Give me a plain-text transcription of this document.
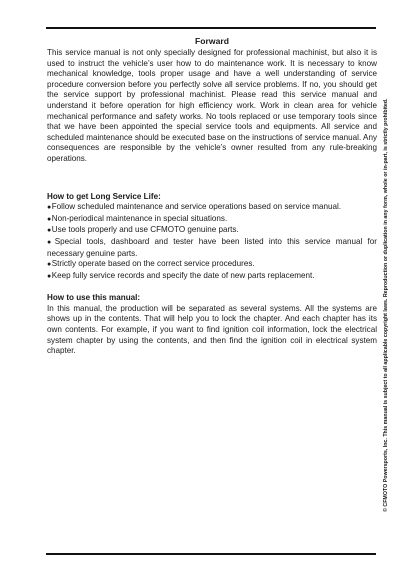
Forward

This service manual is not only specially designed for professional machinist, but also it is used to instruct the vehicle’s user how to do maintenance work. It is necessary to know mechanical knowledge, tools proper usage and have a well understanding of service procedure conversion before you perfectly solve all service problems. If no, you should get the service support by professional machinist. Please read this service manual and understand it before operation for high efficiency work. Work in clean area for vehicle mechanical performance and safety works. No tools replaced or use temporary tools since that we have been appointed the special service tools and equipments. All service and scheduled maintenance should be executed base on the instructions of service manual. Any consequences are responsible by the vehicle’s owner resulted from any rule-breaking operations.

How to get Long Service Life:

●Follow scheduled maintenance and service operations based on service manual.
●Non-periodical maintenance in special situations.
●Use tools properly and use CFMOTO genuine parts.
●Special tools, dashboard and tester have been listed into this service manual for necessary genuine parts.
●Strictly operate based on the correct service procedures.
●Keep fully service records and specify the date of new parts replacement.

How to use this manual:

In this manual, the production will be separated as several systems. All the systems are shows up in the contents. That will help you to lock the chapter. And each chapter has its own contents. For example, if you want to find ignition coil information, lock the electrical system chapter by using the contents, and then find the ignition coil in electrical system chapter.	© CFMOTO Powersports, Inc. This manual is subject to all applicable copyright laws. Reproduction or duplication in any form, whole or in-part, is strictly prohibited.
